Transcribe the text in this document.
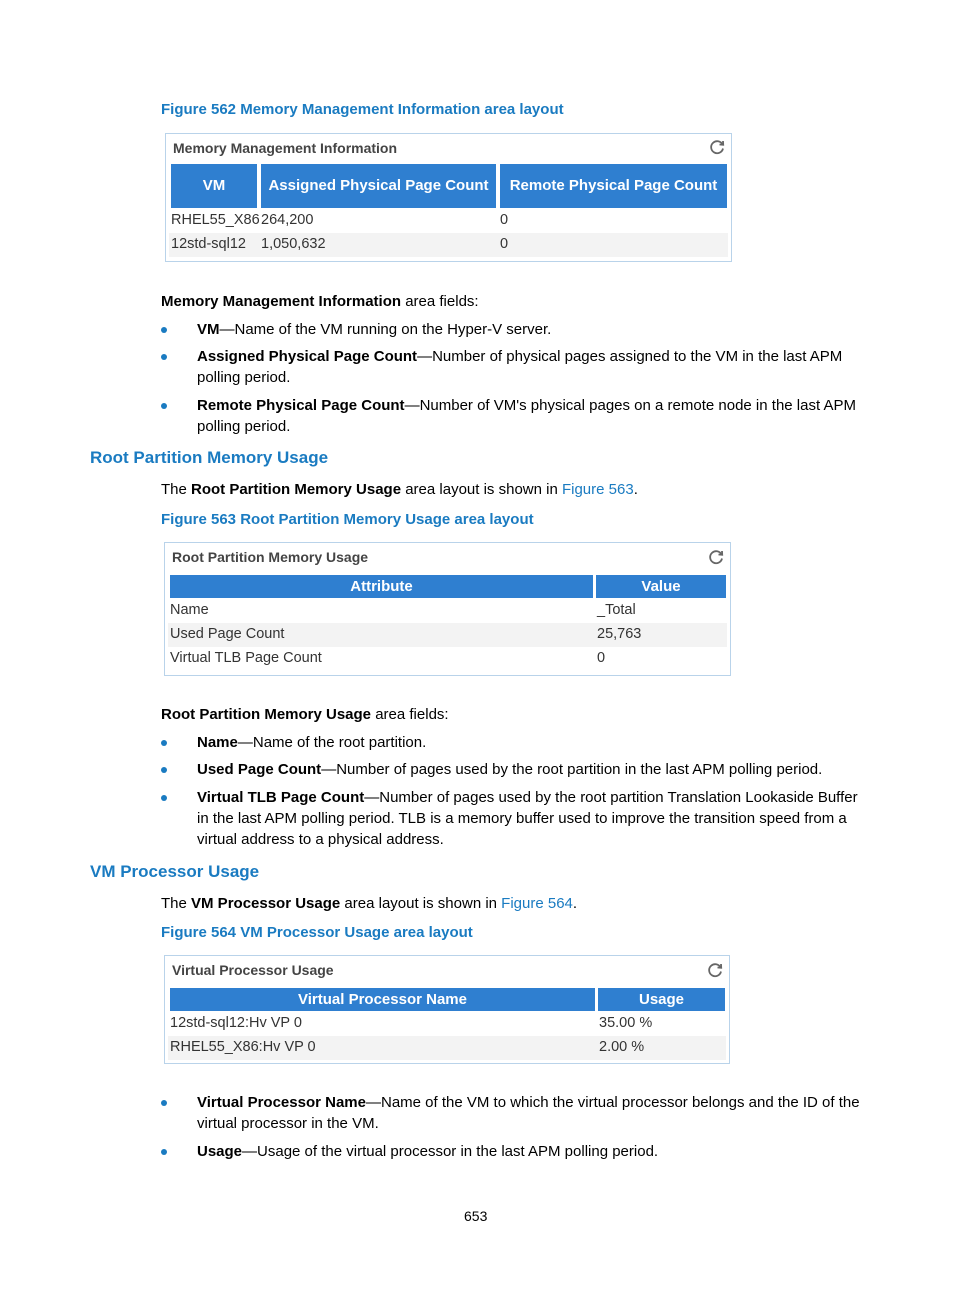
Figure 562 Memory Management Information area layout
Memory Management Information
VM	Assigned Physical Page Count	Remote Physical Page Count
RHEL55_X86 264,200	0
12std-sql12 1,050,632	0
Memory Management Information area fields:
VM—Name of the VM running on the Hyper-V server.
Assigned Physical Page Count—Number of physical pages assigned to the VM in the last APM polling period.
Remote Physical Page Count—Number of VM's physical pages on a remote node in the last APM polling period.
Root Partition Memory Usage
The Root Partition Memory Usage area layout is shown in Figure 563.
Figure 563 Root Partition Memory Usage area layout
Root Partition Memory Usage
Attribute	Value
Name	_Total
Used Page Count	25,763
Virtual TLB Page Count	0
Root Partition Memory Usage area fields:
Name—Name of the root partition.
Used Page Count—Number of pages used by the root partition in the last APM polling period.
Virtual TLB Page Count—Number of pages used by the root partition Translation Lookaside Buffer in the last APM polling period. TLB is a memory buffer used to improve the transition speed from a virtual address to a physical address.
VM Processor Usage
The VM Processor Usage area layout is shown in Figure 564.
Figure 564 VM Processor Usage area layout
Virtual Processor Usage
Virtual Processor Name	Usage
12std-sql12:Hv VP 0	35.00 %
RHEL55_X86:Hv VP 0	2.00 %
Virtual Processor Name—Name of the VM to which the virtual processor belongs and the ID of the virtual processor in the VM.
Usage—Usage of the virtual processor in the last APM polling period.
653
